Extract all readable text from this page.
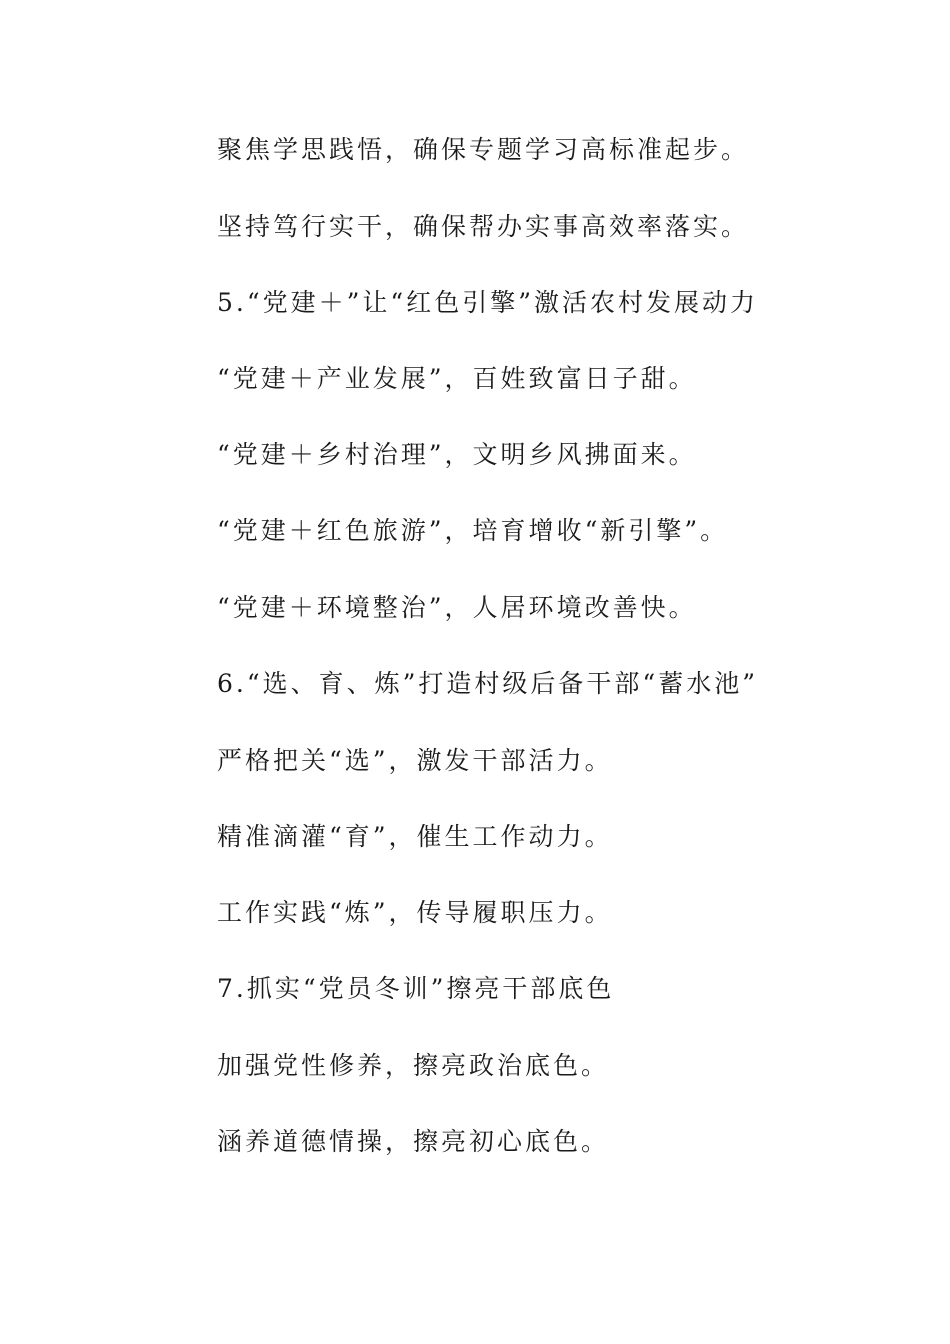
聚焦学思践悟，确保专题学习高标准起步。

坚持笃行实干，确保帮办实事高效率落实。

5.“党建＋”让“红色引擎”激活农村发展动力

“党建＋产业发展”，百姓致富日子甜。

“党建＋乡村治理”，文明乡风拂面来。

“党建＋红色旅游”，培育增收“新引擎”。

“党建＋环境整治”，人居环境改善快。

6.“选、育、炼”打造村级后备干部“蓄水池”

严格把关“选”，激发干部活力。

精准滴灌“育”，催生工作动力。

工作实践“炼”，传导履职压力。

7.抓实“党员冬训”擦亮干部底色

加强党性修养，擦亮政治底色。

涵养道德情操，擦亮初心底色。
